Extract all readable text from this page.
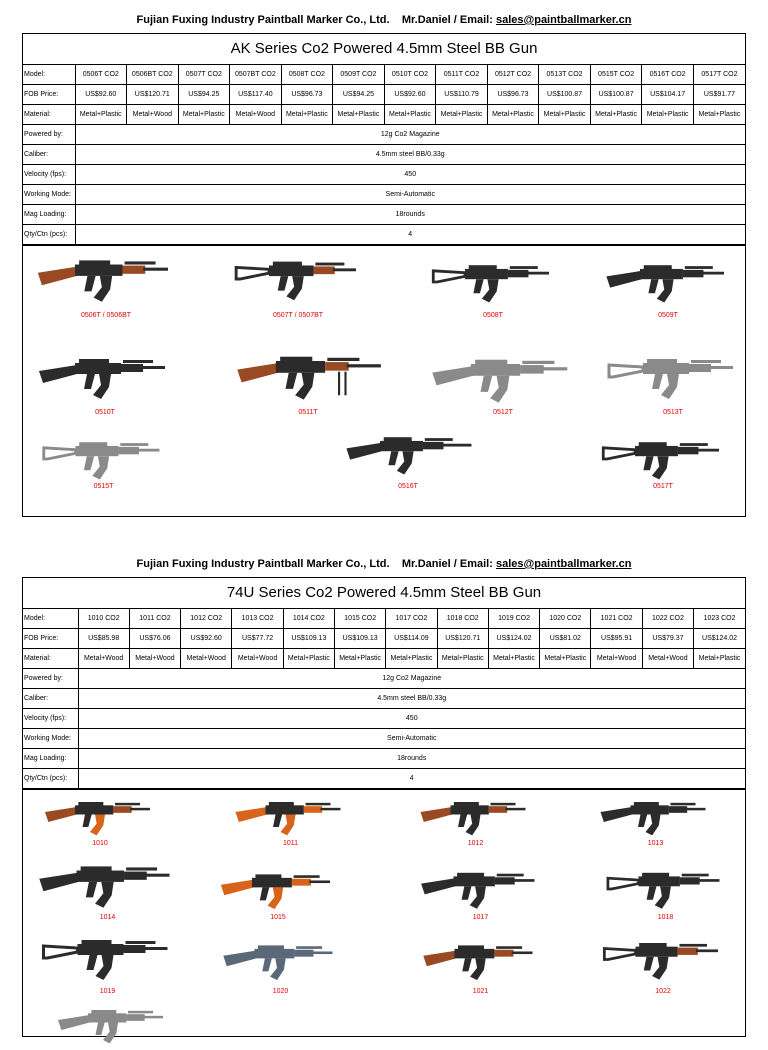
Fujian Fuxing Industry Paintball Marker Co., Ltd. Mr.Daniel / Email: sales@paintballmarker.cn
AK Series Co2 Powered 4.5mm Steel BB Gun
Model:	0506T CO2	0506BT CO2	0507T CO2	0507BT CO2	0508T CO2	0509T CO2	0510T CO2	0511T CO2	0512T CO2	0513T CO2	0515T CO2	0516T CO2	0517T CO2
FOB Price:	US$92.60	US$120.71	US$94.25	US$117.40	US$96.73	US$94.25	US$92.60	US$110.79	US$96.73	US$100.87	US$100.87	US$104.17	US$91.77
Material:	Metal+Plastic	Metal+Wood	Metal+Plastic	Metal+Wood	Metal+Plastic	Metal+Plastic	Metal+Plastic	Metal+Plastic	Metal+Plastic	Metal+Plastic	Metal+Plastic	Metal+Plastic	Metal+Plastic
Powered by:	12g Co2 Magazine												
Caliber:	4.5mm steel BB/0.33g												
Velocity (fps):	450												
Working Mode:	Semi-Automatic												
Mag Loading:	18rounds												
Qty/Ctn (pcs):	4												
0506T / 0506BT	0507T / 0507BT	0508T	0509T
0510T	0511T	0512T	0513T
0515T	0516T	0517T
Fujian Fuxing Industry Paintball Marker Co., Ltd. Mr.Daniel / Email: sales@paintballmarker.cn
74U Series Co2 Powered 4.5mm Steel BB Gun
Model:	1010 CO2	1011 CO2	1012 CO2	1013 CO2	1014 CO2	1015 CO2	1017 CO2	1018 CO2	1019 CO2	1020 CO2	1021 CO2	1022 CO2	1023 CO2
FOB Price:	US$85.98	US$76.06	US$92.60	US$77.72	US$109.13	US$109.13	US$114.09	US$120.71	US$124.02	US$81.02	US$95.91	US$79.37	US$124.02
Material:	Metal+Wood	Metal+Wood	Metal+Wood	Metal+Wood	Metal+Plastic	Metal+Plastic	Metal+Plastic	Metal+Plastic	Metal+Plastic	Metal+Plastic	Metal+Wood	Metal+Wood	Metal+Plastic
Powered by:	12g Co2 Magazine												
Caliber:	4.5mm steel BB/0.33g												
Velocity (fps):	450												
Working Mode:	Semi-Automatic												
Mag Loading:	18rounds												
Qty/Ctn (pcs):	4												
1010	1011	1012	1013
1014	1015	1017	1018
1019	1020	1021	1022
